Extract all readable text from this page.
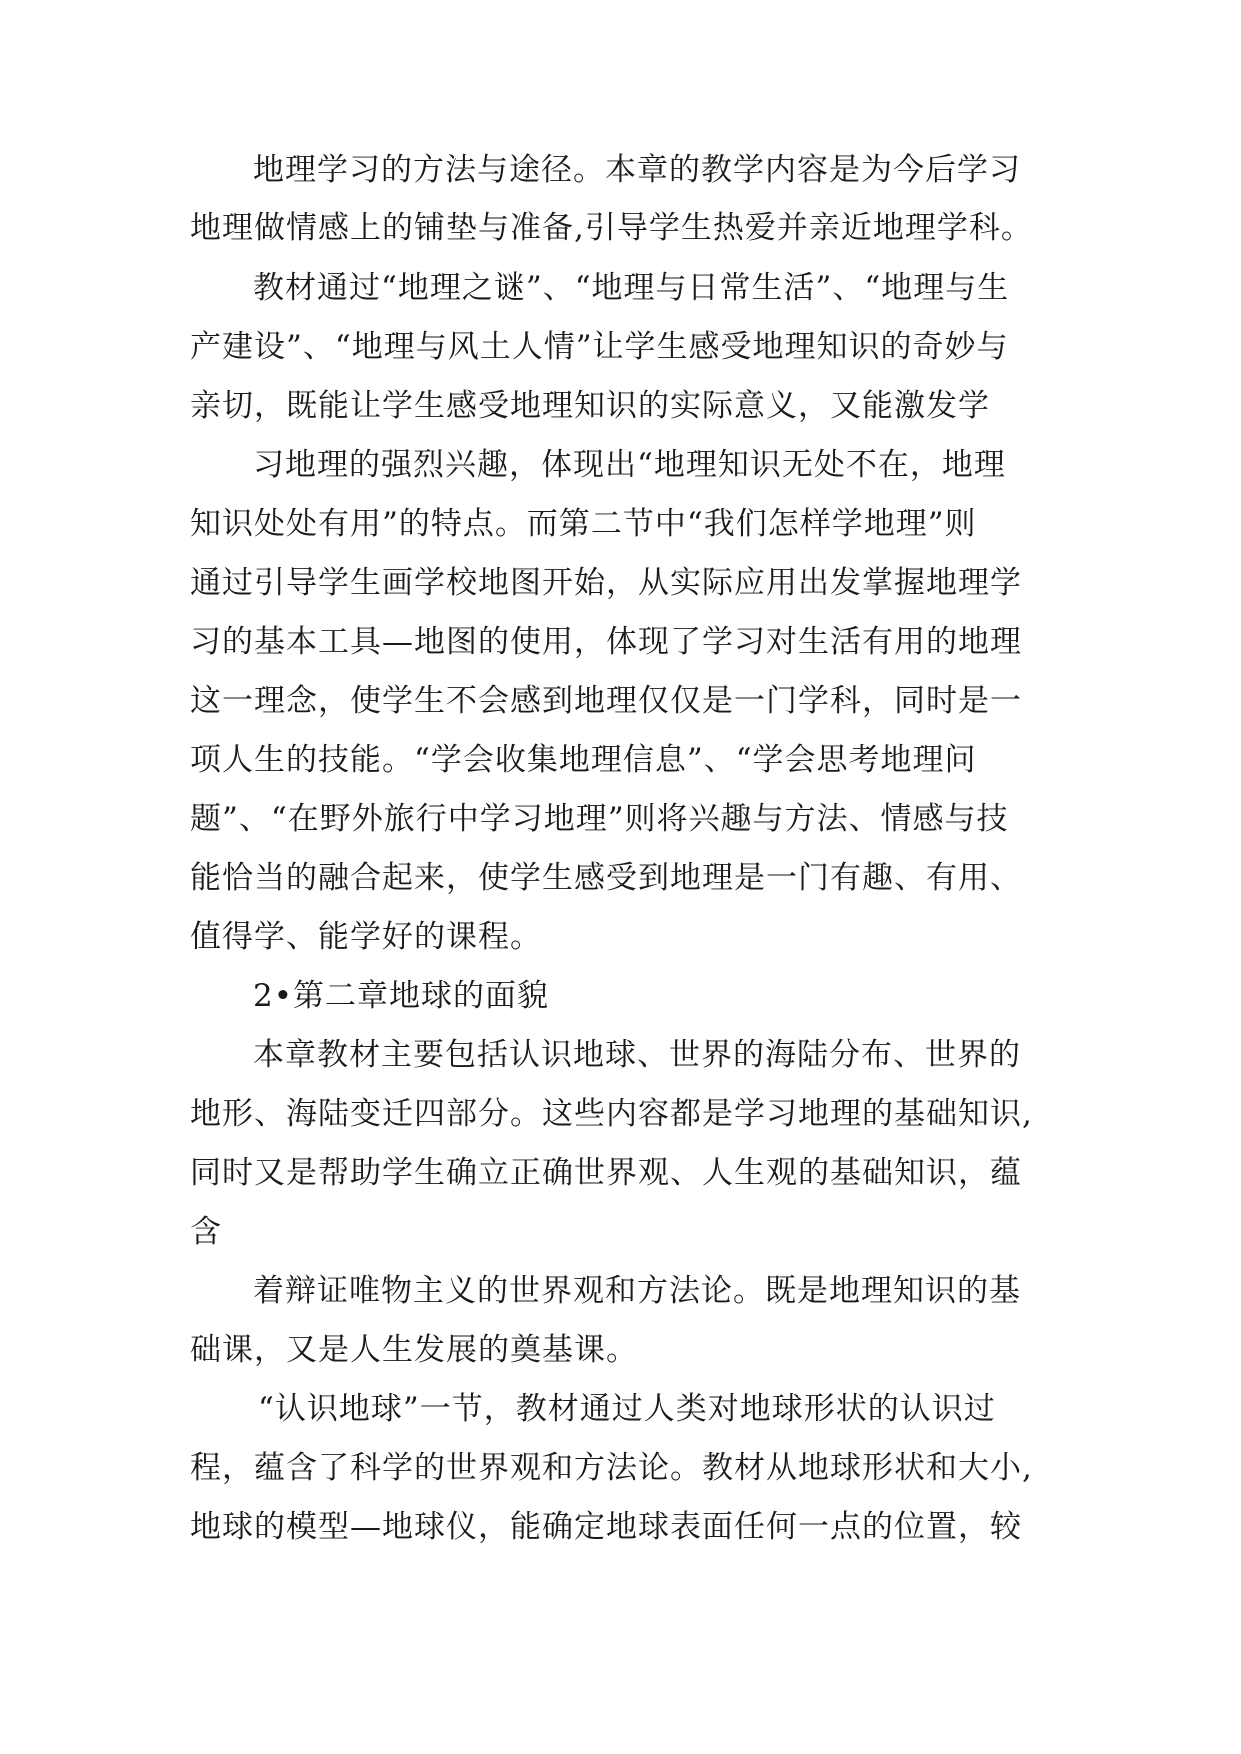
地理学习的方法与途径。本章的教学内容是为今后学习
地理做情感上的铺垫与准备,引导学生热爱并亲近地理学科。
教材通过“地理之谜”、“地理与日常生活”、“地理与生
产建设”、“地理与风土人情”让学生感受地理知识的奇妙与
亲切，既能让学生感受地理知识的实际意义，又能激发学
习地理的强烈兴趣，体现出“地理知识无处不在，地理
知识处处有用”的特点。而第二节中“我们怎样学地理”则
通过引导学生画学校地图开始，从实际应用出发掌握地理学
习的基本工具—地图的使用，体现了学习对生活有用的地理
这一理念，使学生不会感到地理仅仅是一门学科，同时是一
项人生的技能。“学会收集地理信息”、“学会思考地理问
题”、“在野外旅行中学习地理”则将兴趣与方法、情感与技
能恰当的融合起来，使学生感受到地理是一门有趣、有用、
值得学、能学好的课程。
2•第二章地球的面貌
本章教材主要包括认识地球、世界的海陆分布、世界的
地形、海陆变迁四部分。这些内容都是学习地理的基础知识,
同时又是帮助学生确立正确世界观、人生观的基础知识，蕴
含
着辩证唯物主义的世界观和方法论。既是地理知识的基
础课，又是人生发展的奠基课。
“认识地球”一节，教材通过人类对地球形状的认识过
程，蕴含了科学的世界观和方法论。教材从地球形状和大小,
地球的模型—地球仪，能确定地球表面任何一点的位置，较
